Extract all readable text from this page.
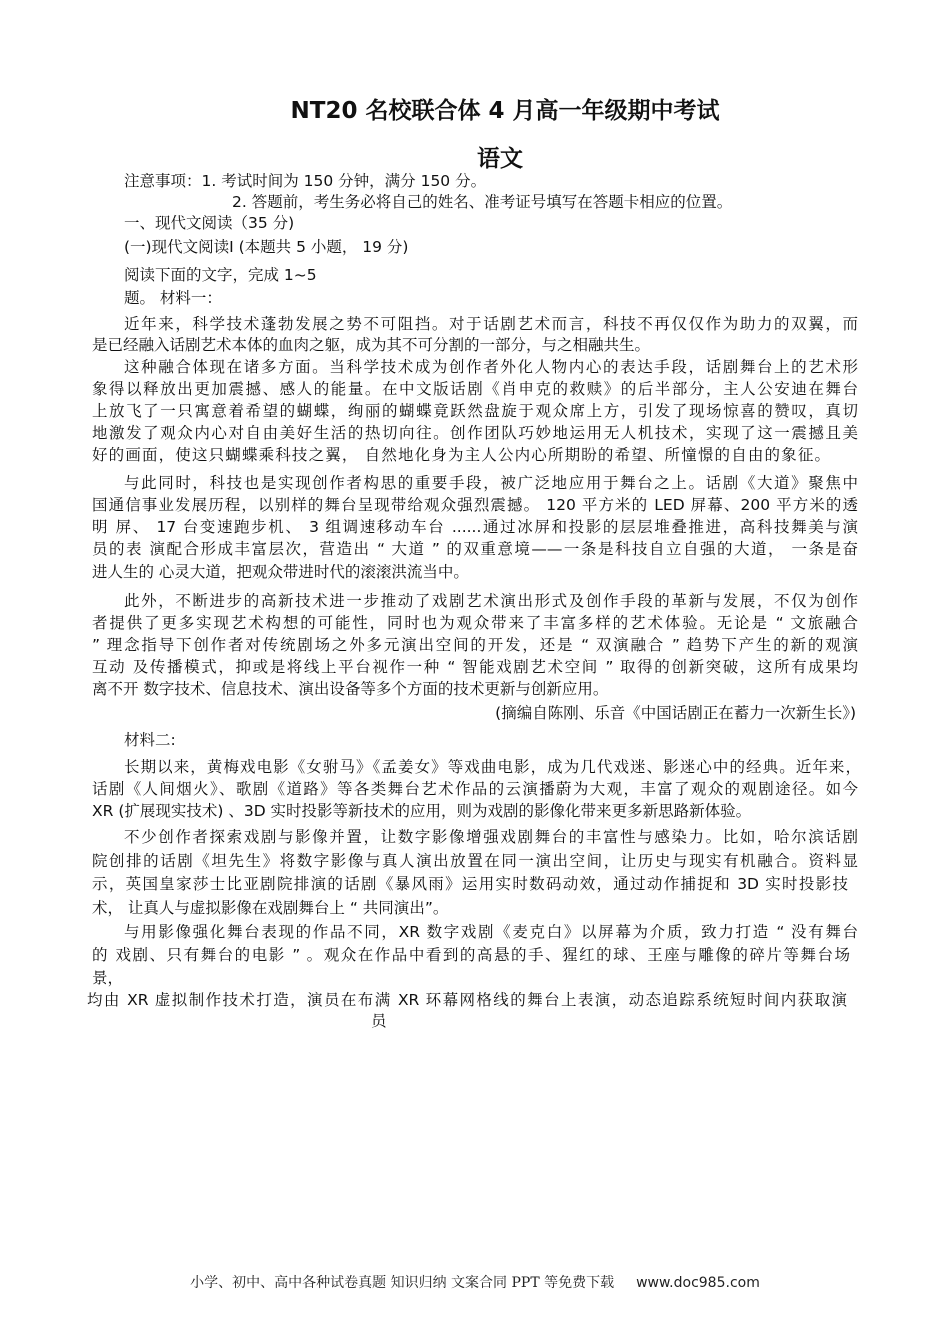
NT20 名校联合体 4 月高一年级期中考试
语文
注意事项：1. 考试时间为 150 分钟，满分 150 分。
2. 答题前，考生务必将自己的姓名、准考证号填写在答题卡相应的位置。
一、现代文阅读（35 分)
(一)现代文阅读Ⅰ (本题共 5 小题， 19 分)
阅读下面的文字，完成 1~5
题。 材料一：
近年来，科学技术蓬勃发展之势不可阻挡。对于话剧艺术而言，科技不再仅仅作为助力的双翼，而
是已经融入话剧艺术本体的血肉之躯，成为其不可分割的一部分，与之相融共生。
这种融合体现在诸多方面。当科学技术成为创作者外化人物内心的表达手段，话剧舞台上的艺术形
象得以释放出更加震撼、感人的能量。在中文版话剧《肖申克的救赎》的后半部分，主人公安迪在舞台
上放飞了一只寓意着希望的蝴蝶，绚丽的蝴蝶竟跃然盘旋于观众席上方，引发了现场惊喜的赞叹，真切
地激发了观众内心对自由美好生活的热切向往。创作团队巧妙地运用无人机技术，实现了这一震撼且美
好的画面，使这只蝴蝶乘科技之翼， 自然地化身为主人公内心所期盼的希望、所憧憬的自由的象征。
与此同时，科技也是实现创作者构思的重要手段，被广泛地应用于舞台之上。话剧《大道》聚焦中
国通信事业发展历程，以别样的舞台呈现带给观众强烈震撼。 120 平方米的 LED 屏幕、200 平方米的透
明 屏、 17 台变速跑步机、 3 组调速移动车台 ......通过冰屏和投影的层层堆叠推进，高科技舞美与演
员的表 演配合形成丰富层次，营造出 “ 大道 ” 的双重意境——一条是科技自立自强的大道， 一条是奋
进人生的 心灵大道，把观众带进时代的滚滚洪流当中。
此外，不断进步的高新技术进一步推动了戏剧艺术演出形式及创作手段的革新与发展，不仅为创作
者提供了更多实现艺术构想的可能性，同时也为观众带来了丰富多样的艺术体验。无论是 “ 文旅融合
” 理念指导下创作者对传统剧场之外多元演出空间的开发，还是 “ 双演融合 ” 趋势下产生的新的观演
互动 及传播模式，抑或是将线上平台视作一种 “ 智能戏剧艺术空间 ” 取得的创新突破，这所有成果均
离不开 数字技术、信息技术、演出设备等多个方面的技术更新与创新应用。
(摘编自陈刚、乐音《中国话剧正在蓄力一次新生长》)
材料二:
长期以来，黄梅戏电影《女驸马》《孟姜女》等戏曲电影，成为几代戏迷、影迷心中的经典。近年来，
话剧《人间烟火》、歌剧《道路》等各类舞台艺术作品的云演播蔚为大观，丰富了观众的观剧途径。如今
XR (扩展现实技术) 、3D 实时投影等新技术的应用，则为戏剧的影像化带来更多新思路新体验。
不少创作者探索戏剧与影像并置，让数字影像增强戏剧舞台的丰富性与感染力。比如，哈尔滨话剧
院创排的话剧《坦先生》将数字影像与真人演出放置在同一演出空间，让历史与现实有机融合。资料显
示，英国皇家莎士比亚剧院排演的话剧《暴风雨》运用实时数码动效，通过动作捕捉和 3D 实时投影技
术， 让真人与虚拟影像在戏剧舞台上 “ 共同演出”。
与用影像强化舞台表现的作品不同，XR 数字戏剧《麦克白》以屏幕为介质，致力打造 “ 没有舞台
的 戏剧、只有舞台的电影 ” 。观众在作品中看到的高悬的手、猩红的球、王座与雕像的碎片等舞台场
景，
均由 XR 虚拟制作技术打造，演员在布满 XR 环幕网格线的舞台上表演，动态追踪系统短时间内获取演
员
小学、初中、高中各种试卷真题 知识归纳 文案合同 PPT 等免费下载 www.doc985.com
